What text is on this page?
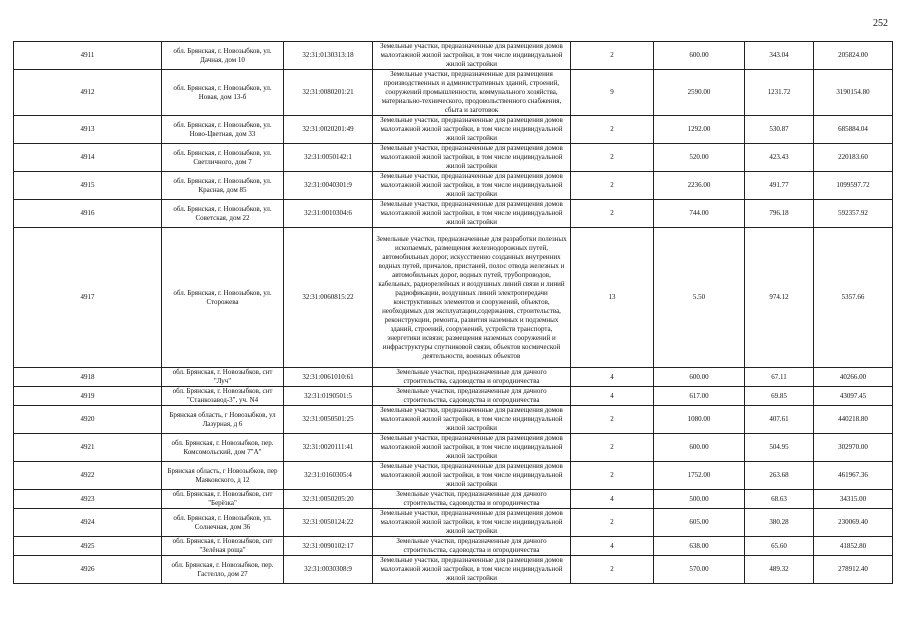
252
4911	обл. Брянская, г. Новозыбков, ул. Дачная, дом 10	32:31:0130313:18	Земельные участки, предназначенные для размещения домов малоэтажной жилой застройки, в том числе индивидуальной жилой застройки	2	600.00	343.04	205824.00
4912	обл. Брянская, г. Новозыбков, ул. Новая, дом 13-б	32:31:0080201:21	Земельные участки, предназначенные для размещения производственных и административных зданий, строений, сооружений промышленности, коммунального хозяйства, материально-технического, продовольственного снабжения, сбыта и заготовок	9	2590.00	1231.72	3190154.80
4913	обл. Брянская, г. Новозыбков, ул. Ново-Цветная, дом 33	32:31:0020201:49	Земельные участки, предназначенные для размещения домов малоэтажной жилой застройки, в том числе индивидуальной жилой застройки	2	1292.00	530.87	685884.04
4914	обл. Брянская, г. Новозыбков, ул. Светличного, дом 7	32:31:0050142:1	Земельные участки, предназначенные для размещения домов малоэтажной жилой застройки, в том числе индивидуальной жилой застройки	2	520.00	423.43	220183.60
4915	обл. Брянская, г. Новозыбков, ул. Красная, дом 85	32:31:0040301:9	Земельные участки, предназначенные для размещения домов малоэтажной жилой застройки, в том числе индивидуальной жилой застройки	2	2236.00	491.77	1099597.72
4916	обл. Брянская, г. Новозыбков, ул. Советская, дом 22	32:31:0010304:6	Земельные участки, предназначенные для размещения домов малоэтажной жилой застройки, в том числе индивидуальной жилой застройки	2	744.00	796.18	592357.92
4917	обл. Брянская, г. Новозыбков, ул. Сторожева	32:31:0060815:22	Земельные участки, предназначенные для разработки полезных ископаемых, размещения железнодорожных путей, автомобильных дорог, искусственно созданных внутренних водных путей, причалов, пристаней, полос отвода железных и автомобильных дорог, водных путей, трубопроводов, кабельных, радиорелейных и воздушных линий связи и линий радиофикации, воздушных линий электропередачи конструктивных элементов и сооружений, объектов, необходимых для эксплуатации,содержания, строительства, реконструкции, ремонта, развития наземных и подземных зданий, строений, сооружений, устройств транспорта, энергетики исвязи; размещения наземных сооружений и инфраструктуры спутниковой связи, объектов космической деятельности, военных объектов	13	5.50	974.12	5357.66
4918	обл. Брянская, г. Новозыбков, снт "Луч"	32:31:0061010:61	Земельные участки, предназначенные для дачного строительства, садоводства и огородничества	4	600.00	67.11	40266.00
4919	обл. Брянская, г. Новозыбков, снт "Станкозавод-3", уч. N4	32:31:0190501:5	Земельные участки, предназначенные для дачного строительства, садоводства и огородничества	4	617.00	69.85	43097.45
4920	Брянская область, г Новозыбков, ул Лазурная, д 6	32:31:0050501:25	Земельные участки, предназначенные для размещения домов малоэтажной жилой застройки, в том числе индивидуальной жилой застройки	2	1080.00	407.61	440218.80
4921	обл. Брянская, г. Новозыбков, пер. Комсомольский, дом 7"А"	32:31:0020111:41	Земельные участки, предназначенные для размещения домов малоэтажной жилой застройки, в том числе индивидуальной жилой застройки	2	600.00	504.95	302970.00
4922	Брянская область, г Новозыбков, пер Маяковского, д 12	32:31:0160305:4	Земельные участки, предназначенные для размещения домов малоэтажной жилой застройки, в том числе индивидуальной жилой застройки	2	1752.00	263.68	461967.36
4923	обл. Брянская, г. Новозыбков, снт "Берёзка"	32:31:0050205:20	Земельные участки, предназначенные для дачного строительства, садоводства и огородничества	4	500.00	68.63	34315.00
4924	обл. Брянская, г. Новозыбков, ул. Солнечная, дом 36	32:31:0050124:22	Земельные участки, предназначенные для размещения домов малоэтажной жилой застройки, в том числе индивидуальной жилой застройки	2	605.00	380.28	230069.40
4925	обл. Брянская, г. Новозыбков, снт "Зелёная роща"	32:31:0090102:17	Земельные участки, предназначенные для дачного строительства, садоводства и огородничества	4	638.00	65.60	41852.80
4926	обл. Брянская, г. Новозыбков, пер. Гастелло, дом 27	32:31:0030308:9	Земельные участки, предназначенные для размещения домов малоэтажной жилой застройки, в том числе индивидуальной жилой застройки	2	570.00	489.32	278912.40
